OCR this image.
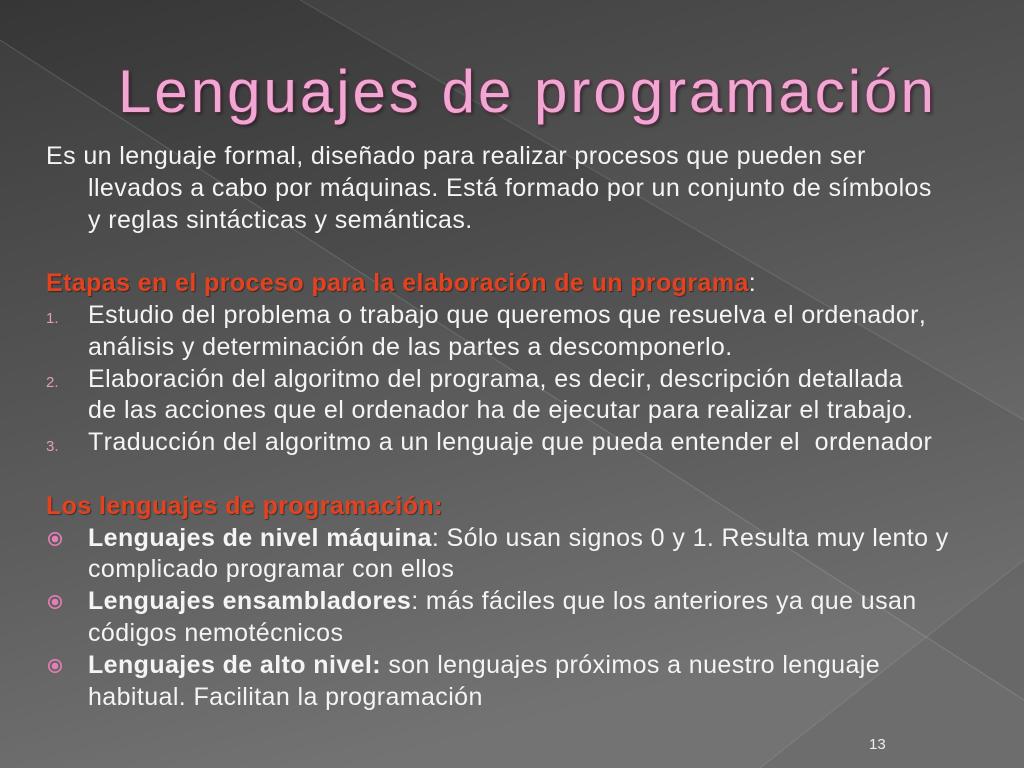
Lenguajes de programación
Es un lenguaje formal, diseñado para realizar procesos que pueden ser
llevados a cabo por máquinas. Está formado por un conjunto de símbolos
y reglas sintácticas y semánticas.
Etapas en el proceso para la elaboración de un programa:
1. Estudio del problema o trabajo que queremos que resuelva el ordenador,
análisis y determinación de las partes a descomponerlo.
2. Elaboración del algoritmo del programa, es decir, descripción detallada
de las acciones que el ordenador ha de ejecutar para realizar el trabajo.
3. Traducción del algoritmo a un lenguaje que pueda entender el  ordenador
Los lenguajes de programación:
Lenguajes de nivel máquina: Sólo usan signos 0 y 1. Resulta muy lento y
complicado programar con ellos
Lenguajes ensambladores: más fáciles que los anteriores ya que usan
códigos nemotécnicos
Lenguajes de alto nivel: son lenguajes próximos a nuestro lenguaje
habitual. Facilitan la programación
13
